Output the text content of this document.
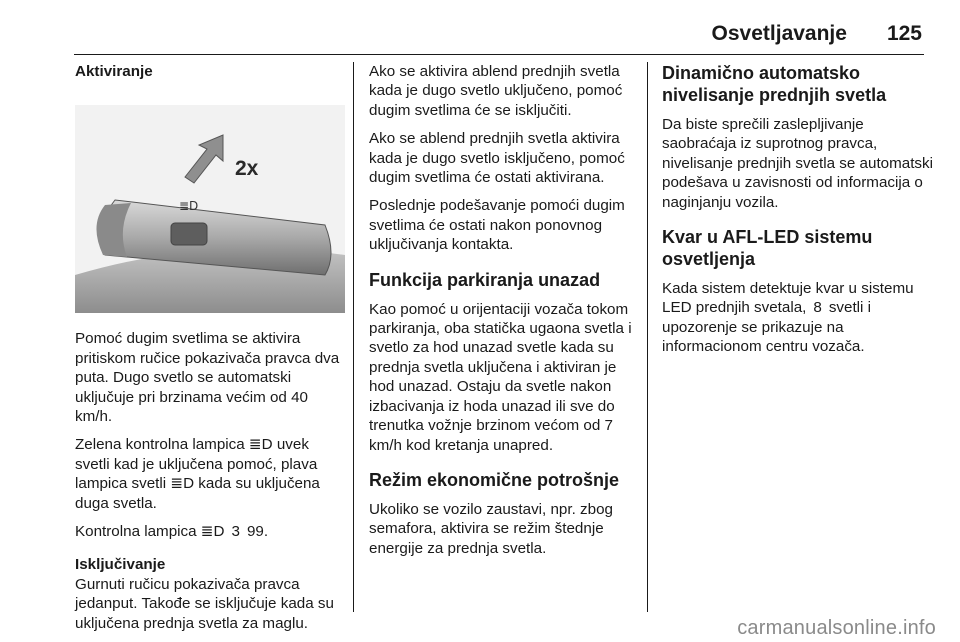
Osvetljavanje 125

Aktiviranje

≣D
2x

Pomoć dugim svetlima se aktivira pritiskom ručice pokazivača pravca dva puta. Dugo svetlo se automatski uključuje pri brzinama većim od 40 km/h.

Zelena kontrolna lampica ≣D uvek svetli kad je uključena pomoć, plava lampica svetli ≣D kada su uključena duga svetla.

Kontrolna lampica ≣D 3 99.

Isključivanje

Gurnuti ručicu pokazivača pravca jedanput. Takođe se isključuje kada su uključena prednja svetla za maglu.

Ako se aktivira ablend prednjih svetla kada je dugo svetlo uključeno, pomoć dugim svetlima će se isključiti.

Ako se ablend prednjih svetla aktivira kada je dugo svetlo isključeno, pomoć dugim svetlima će ostati aktivirana.

Poslednje podešavanje pomoći dugim svetlima će ostati nakon ponovnog uključivanja kontakta.

Funkcija parkiranja unazad

Kao pomoć u orijentaciji vozača tokom parkiranja, oba statička ugaona svetla i svetlo za hod unazad svetle kada su prednja svetla uključena i aktiviran je hod unazad. Ostaju da svetle nakon izbacivanja iz hoda unazad ili sve do trenutka vožnje brzinom većom od 7 km/h kod kretanja unapred.

Režim ekonomične potrošnje

Ukoliko se vozilo zaustavi, npr. zbog semafora, aktivira se režim štednje energije za prednja svetla.

Dinamično automatsko nivelisanje prednjih svetla

Da biste sprečili zaslepljivanje saobraćaja iz suprotnog pravca, nivelisanje prednjih svetla se automatski podešava u zavisnosti od informacija o naginjanju vozila.

Kvar u AFL-LED sistemu osvetljenja

Kada sistem detektuje kvar u sistemu LED prednjih svetala, 8 svetli i upozorenje se prikazuje na informacionom centru vozača.

carmanualsonline.info
